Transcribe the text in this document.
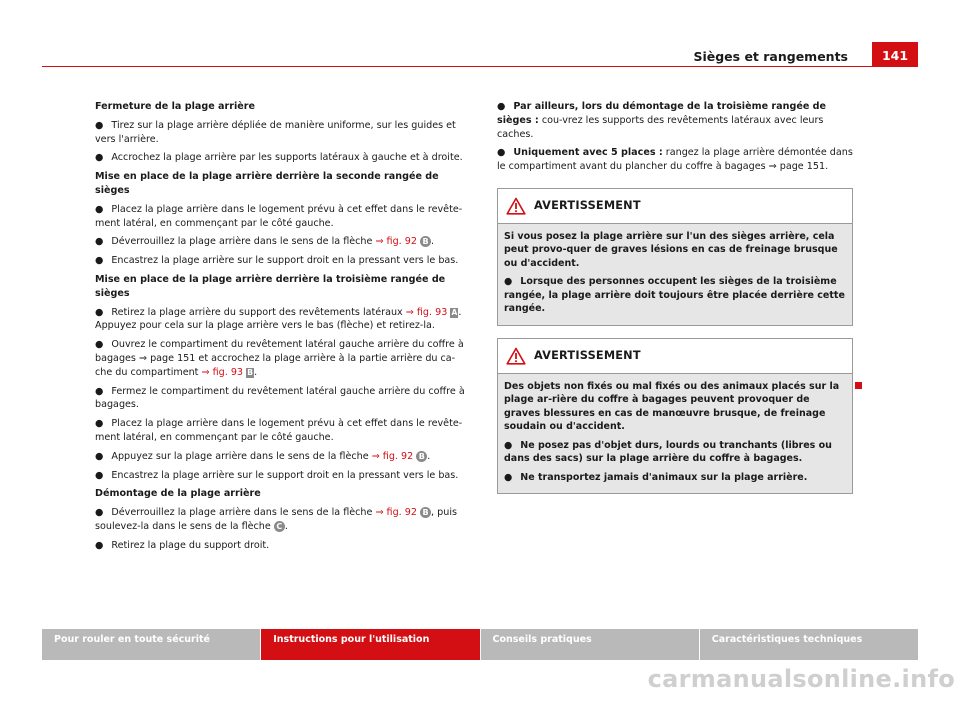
Sièges et rangements	141
Fermeture de la plage arrière
● Tirez sur la plage arrière dépliée de manière uniforme, sur les guides et vers l'arrière.
● Accrochez la plage arrière par les supports latéraux à gauche et à droite.
Mise en place de la plage arrière derrière la seconde rangée de sièges
● Placez la plage arrière dans le logement prévu à cet effet dans le revête-ment latéral, en commençant par le côté gauche.
● Déverrouillez la plage arrière dans le sens de la flèche ⇒ fig. 92 B .
● Encastrez la plage arrière sur le support droit en la pressant vers le bas.
Mise en place de la plage arrière derrière la troisième rangée de sièges
● Retirez la plage arrière du support des revêtements latéraux ⇒ fig. 93 A. Appuyez pour cela sur la plage arrière vers le bas (flèche) et retirez-la.
● Ouvrez le compartiment du revêtement latéral gauche arrière du coffre à bagages ⇒ page 151 et accrochez la plage arrière à la partie arrière du ca-che du compartiment ⇒ fig. 93 B.
● Fermez le compartiment du revêtement latéral gauche arrière du coffre à bagages.
● Placez la plage arrière dans le logement prévu à cet effet dans le revête-ment latéral, en commençant par le côté gauche.
● Appuyez sur la plage arrière dans le sens de la flèche ⇒ fig. 92 B .
● Encastrez la plage arrière sur le support droit en la pressant vers le bas.
Démontage de la plage arrière
● Déverrouillez la plage arrière dans le sens de la flèche ⇒ fig. 92 B , puis soulevez-la dans le sens de la flèche C .
● Retirez la plage du support droit.
● Par ailleurs, lors du démontage de la troisième rangée de sièges : cou-vrez les supports des revêtements latéraux avec leurs caches.
● Uniquement avec 5 places : rangez la plage arrière démontée dans le compartiment avant du plancher du coffre à bagages ⇒ page 151.
AVERTISSEMENT
Si vous posez la plage arrière sur l'un des sièges arrière, cela peut provo-quer de graves lésions en cas de freinage brusque ou d'accident.
● Lorsque des personnes occupent les sièges de la troisième rangée, la plage arrière doit toujours être placée derrière cette rangée.
AVERTISSEMENT
Des objets non fixés ou mal fixés ou des animaux placés sur la plage ar-rière du coffre à bagages peuvent provoquer de graves blessures en cas de manœuvre brusque, de freinage soudain ou d'accident.
● Ne posez pas d'objet durs, lourds ou tranchants (libres ou dans des sacs) sur la plage arrière du coffre à bagages.
● Ne transportez jamais d'animaux sur la plage arrière.
Pour rouler en toute sécurité	Instructions pour l'utilisation	Conseils pratiques	Caractéristiques techniques
carmanualsonline.info
